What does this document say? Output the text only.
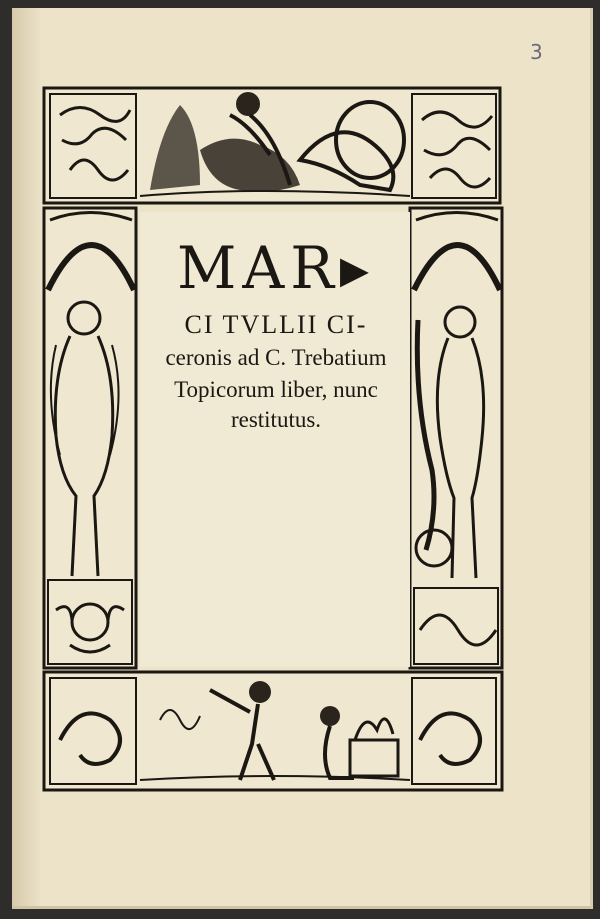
3
MAR▸
CI TVLLII CI‑
ceronis ad C. Trebatium
Topicorum liber, nunc
restitutus.
